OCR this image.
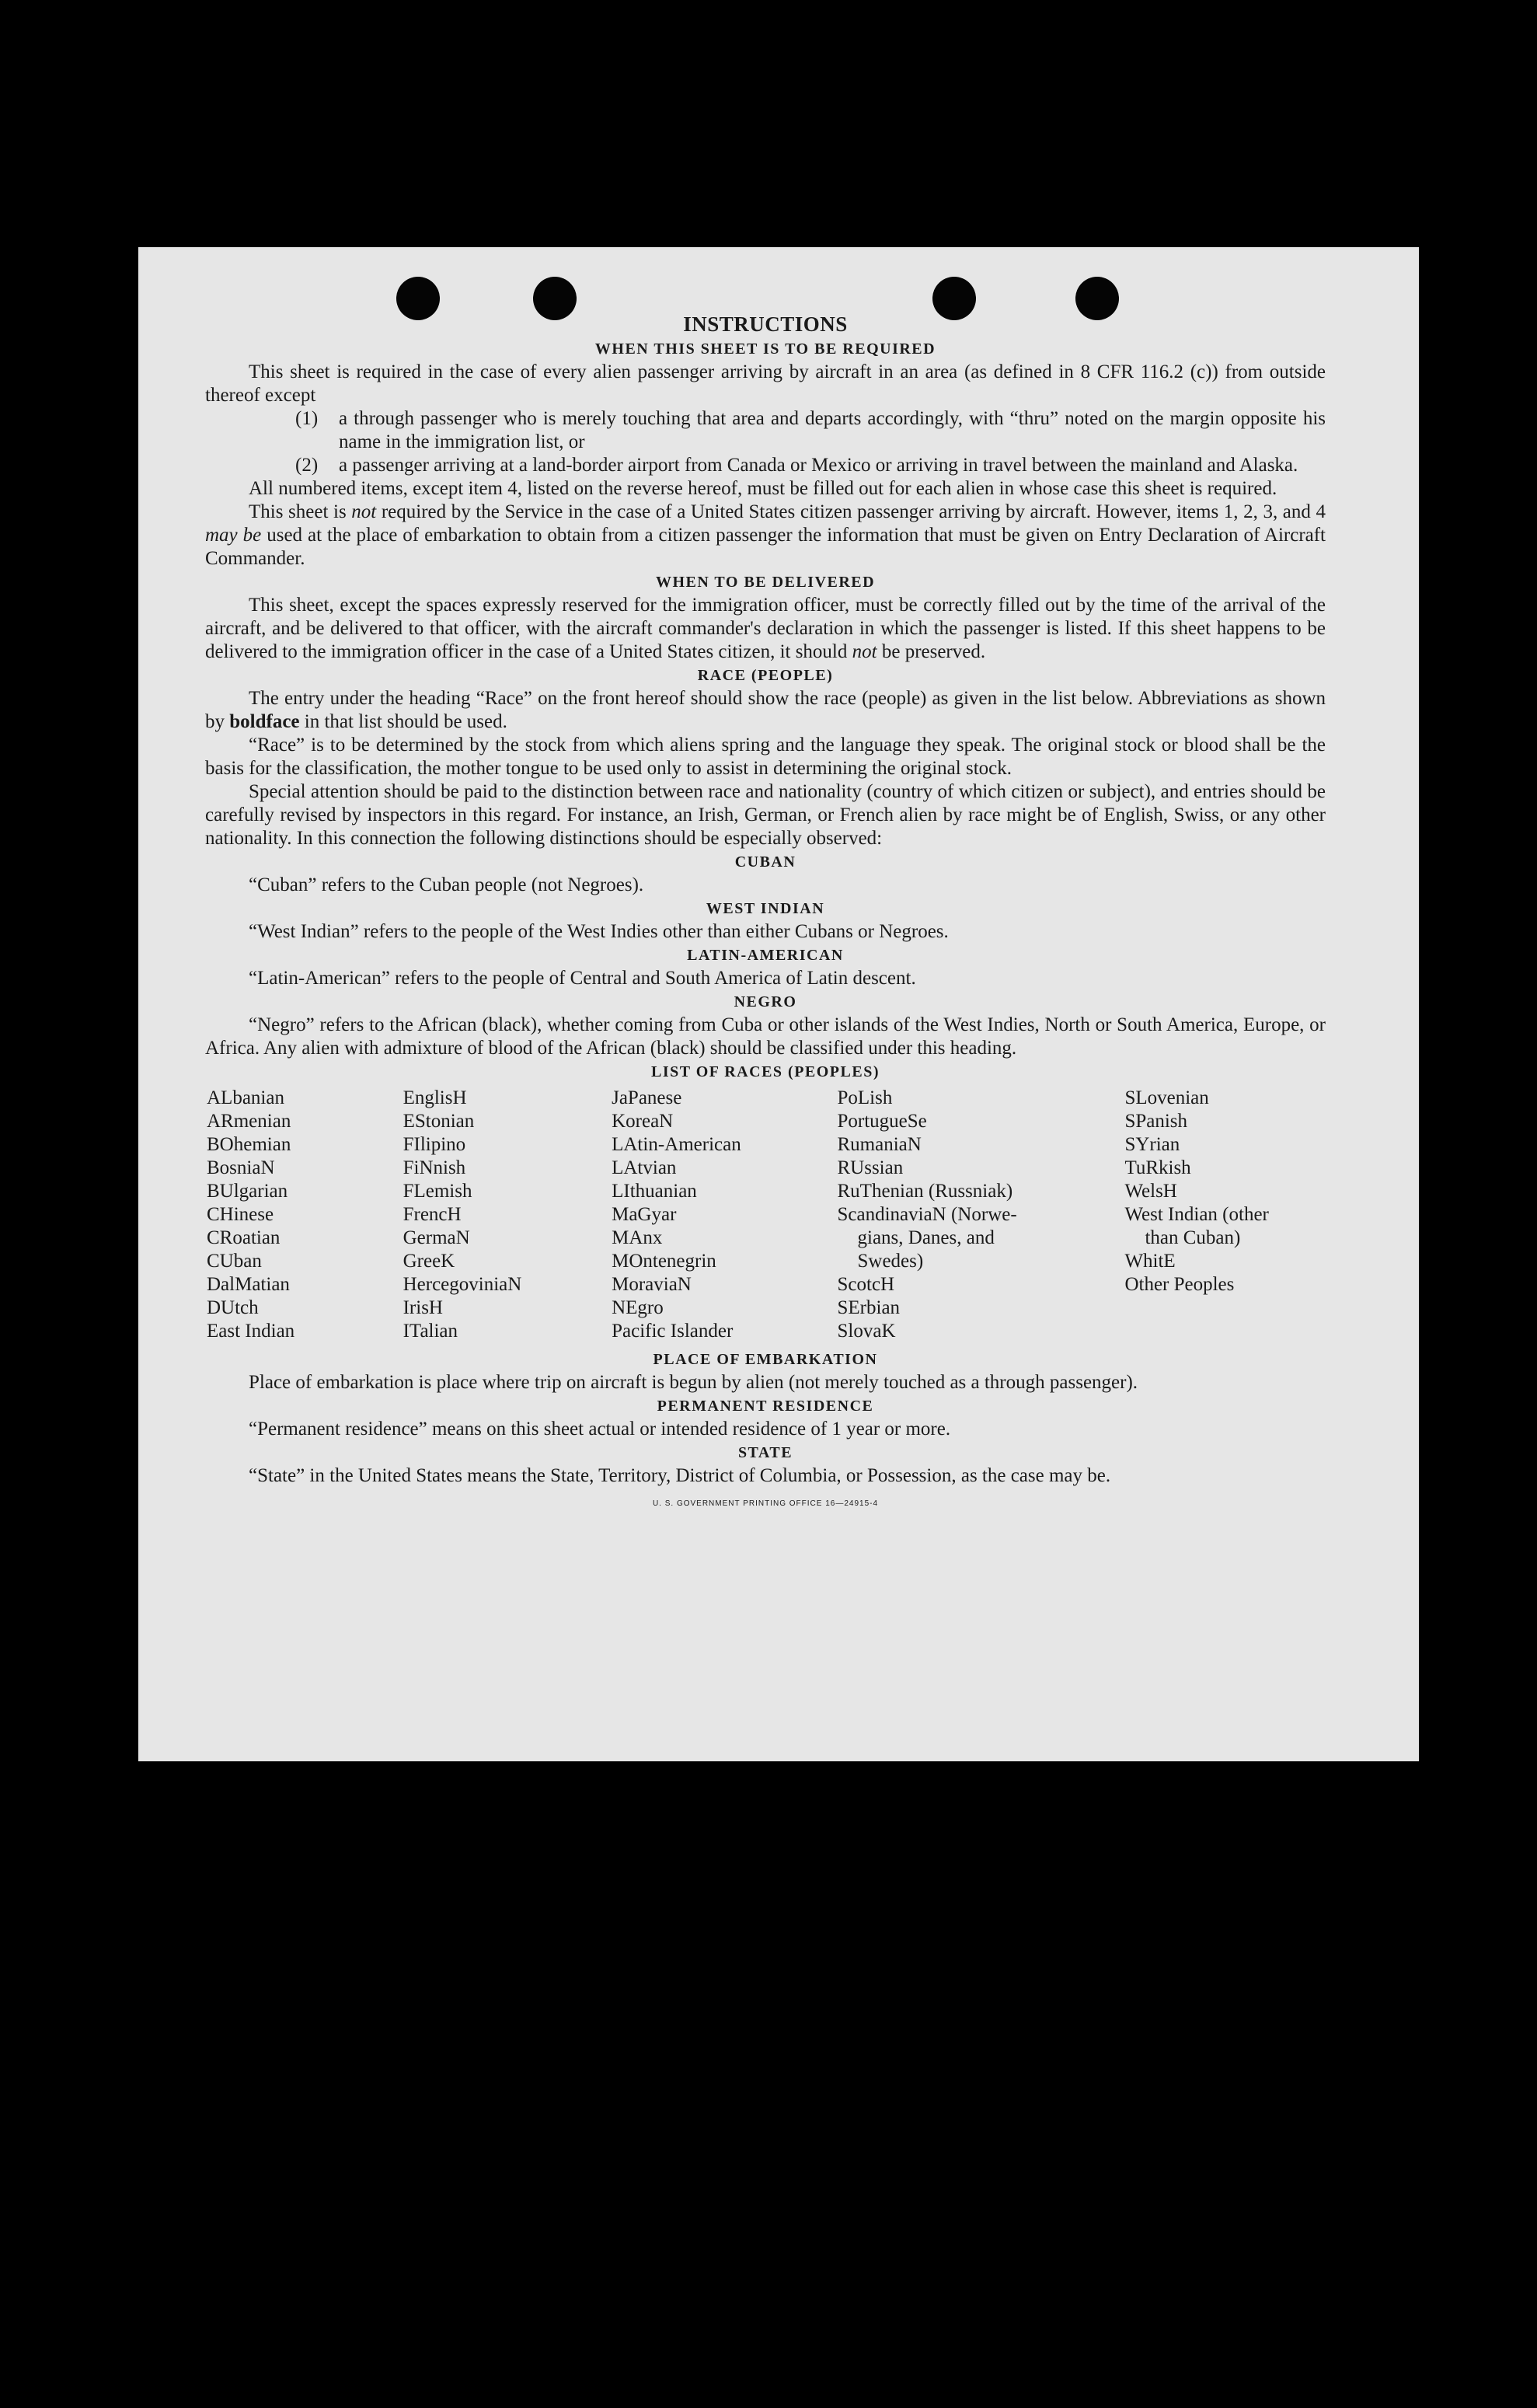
INSTRUCTIONS
WHEN THIS SHEET IS TO BE REQUIRED

This sheet is required in the case of every alien passenger arriving by aircraft in an area (as defined in 8 CFR 116.2 (c)) from outside thereof except

(1)	a through passenger who is merely touching that area and departs accordingly, with “thru” noted on the margin opposite his name in the immigration list, or
(2)	a passenger arriving at a land-border airport from Canada or Mexico or arriving in travel between the mainland and Alaska.

All numbered items, except item 4, listed on the reverse hereof, must be filled out for each alien in whose case this sheet is required.

This sheet is not required by the Service in the case of a United States citizen passenger arriving by aircraft. However, items 1, 2, 3, and 4 may be used at the place of embarkation to obtain from a citizen passenger the information that must be given on Entry Declaration of Aircraft Commander.

WHEN TO BE DELIVERED

This sheet, except the spaces expressly reserved for the immigration officer, must be correctly filled out by the time of the arrival of the aircraft, and be delivered to that officer, with the aircraft commander's declaration in which the passenger is listed. If this sheet happens to be delivered to the immigration officer in the case of a United States citizen, it should not be preserved.

RACE (PEOPLE)

The entry under the heading “Race” on the front hereof should show the race (people) as given in the list below. Abbreviations as shown by boldface in that list should be used.

“Race” is to be determined by the stock from which aliens spring and the language they speak. The original stock or blood shall be the basis for the classification, the mother tongue to be used only to assist in determining the original stock.

Special attention should be paid to the distinction between race and nationality (country of which citizen or subject), and entries should be carefully revised by inspectors in this regard. For instance, an Irish, German, or French alien by race might be of English, Swiss, or any other nationality. In this connection the following distinctions should be especially observed:

CUBAN

“Cuban” refers to the Cuban people (not Negroes).

WEST INDIAN

“West Indian” refers to the people of the West Indies other than either Cubans or Negroes.

LATIN-AMERICAN

“Latin-American” refers to the people of Central and South America of Latin descent.

NEGRO

“Negro” refers to the African (black), whether coming from Cuba or other islands of the West Indies, North or South America, Europe, or Africa. Any alien with admixture of blood of the African (black) should be classified under this heading.

LIST OF RACES (PEOPLES)
ALbanian
ARmenian
BOhemian
BosniaN
BUlgarian
CHinese
CRoatian
CUban
DalMatian
DUtch
East Indian
EnglisH
EStonian
FIlipino
FiNnish
FLemish
FrencH
GermaN
GreeK
HercegoviniaN
IrisH
ITalian
JaPanese
KoreaN
LAtin-American
LAtvian
LIthuanian
MaGyar
MAnx
MOntenegrin
MoraviaN
NEgro
Pacific Islander
PoLish
PortugueSe
RumaniaN
RUssian
RuThenian (Russniak)
ScandinaviaN (Norwe-
gians, Danes, and
Swedes)
ScotcH
SErbian
SlovaK
SLovenian
SPanish
SYrian
TuRkish
WelsH
West Indian (other
than Cuban)
WhitE
Other Peoples
PLACE OF EMBARKATION

Place of embarkation is place where trip on aircraft is begun by alien (not merely touched as a through passenger).

PERMANENT RESIDENCE

“Permanent residence” means on this sheet actual or intended residence of 1 year or more.

STATE

“State” in the United States means the State, Territory, District of Columbia, or Possession, as the case may be.

U. S. GOVERNMENT PRINTING OFFICE 16—24915-4
